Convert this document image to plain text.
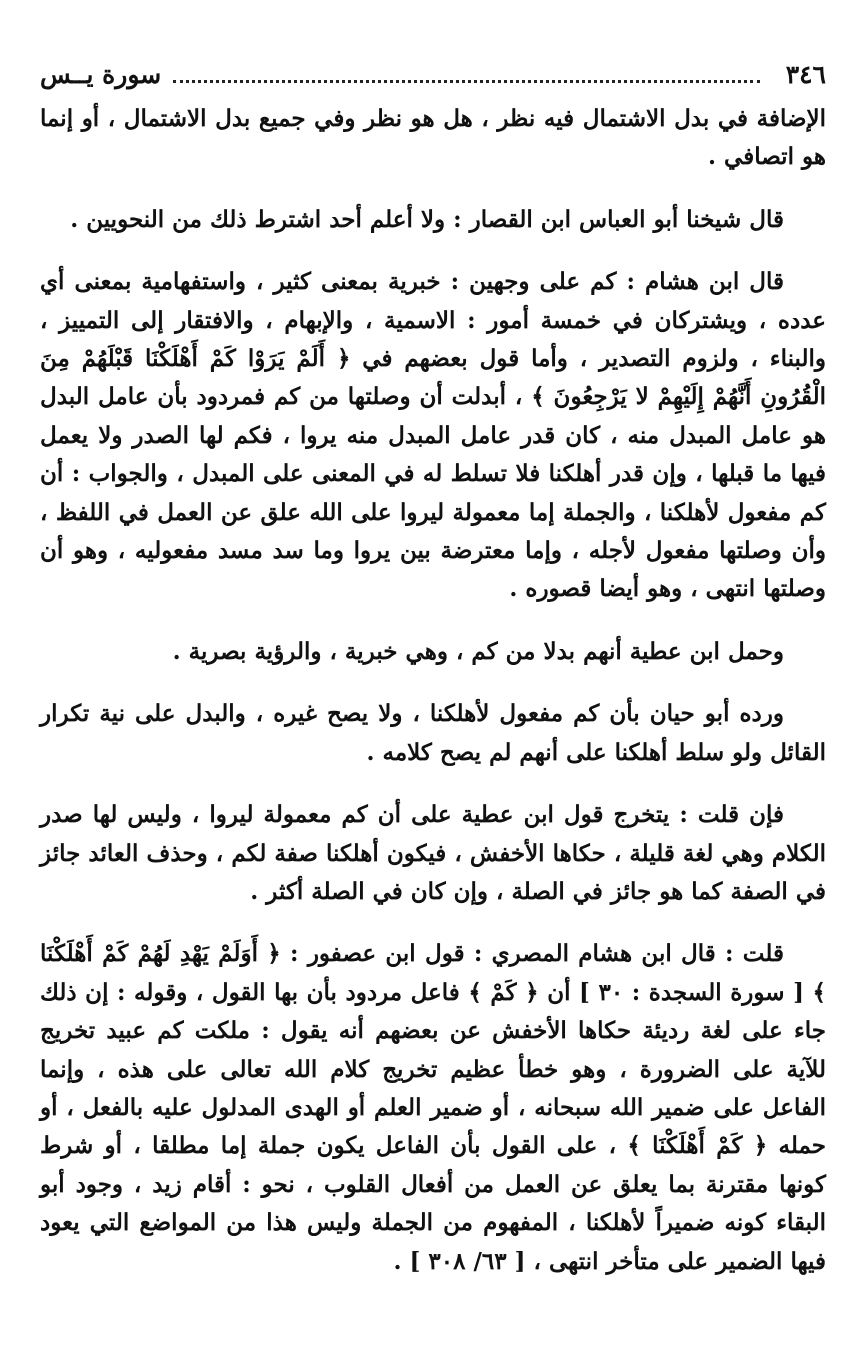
٣٤٦
سورة يــس

الإضافة في بدل الاشتمال فيه نظر ، هل هو نظر وفي جميع بدل الاشتمال ، أو إنما هو اتصافي .

قال شيخنا أبو العباس ابن القصار : ولا أعلم أحد اشترط ذلك من النحويين .

قال ابن هشام : كم على وجهين : خبرية بمعنى كثير ، واستفهامية بمعنى أي عدده ، ويشتركان في خمسة أمور : الاسمية ، والإبهام ، والافتقار إلى التمييز ، والبناء ، ولزوم التصدير ، وأما قول بعضهم في ﴿ أَلَمْ يَرَوْا كَمْ أَهْلَكْنَا قَبْلَهُمْ مِنَ الْقُرُونِ أَنَّهُمْ إِلَيْهِمْ لا يَرْجِعُونَ ﴾ ، أبدلت أن وصلتها من كم فمردود بأن عامل البدل هو عامل المبدل منه ، كان قدر عامل المبدل منه يروا ، فكم لها الصدر ولا يعمل فيها ما قبلها ، وإن قدر أهلكنا فلا تسلط له في المعنى على المبدل ، والجواب : أن كم مفعول لأهلكنا ، والجملة إما معمولة ليروا على الله علق عن العمل في اللفظ ، وأن وصلتها مفعول لأجله ، وإما معترضة بين يروا وما سد مسد مفعوليه ، وهو أن وصلتها انتهى ، وهو أيضا قصوره .

وحمل ابن عطية أنهم بدلا من كم ، وهي خبرية ، والرؤية بصرية .

ورده أبو حيان بأن كم مفعول لأهلكنا ، ولا يصح غيره ، والبدل على نية تكرار القائل ولو سلط أهلكنا على أنهم لم يصح كلامه .

فإن قلت : يتخرج قول ابن عطية على أن كم معمولة ليروا ، وليس لها صدر الكلام وهي لغة قليلة ، حكاها الأخفش ، فيكون أهلكنا صفة لكم ، وحذف العائد جائز في الصفة كما هو جائز في الصلة ، وإن كان في الصلة أكثر .

قلت : قال ابن هشام المصري : قول ابن عصفور : ﴿ أَوَلَمْ يَهْدِ لَهُمْ كَمْ أَهْلَكْنَا ﴾ [ سورة السجدة : ٣٠ ] أن ﴿ كَمْ ﴾ فاعل مردود بأن بها القول ، وقوله : إن ذلك جاء على لغة رديئة حكاها الأخفش عن بعضهم أنه يقول : ملكت كم عبيد تخريج للآية على الضرورة ، وهو خطأ عظيم تخريج كلام الله تعالى على هذه ، وإنما الفاعل على ضمير الله سبحانه ، أو ضمير العلم أو الهدى المدلول عليه بالفعل ، أو حمله ﴿ كَمْ أَهْلَكْنَا ﴾ ، على القول بأن الفاعل يكون جملة إما مطلقا ، أو شرط كونها مقترنة بما يعلق عن العمل من أفعال القلوب ، نحو : أقام زيد ، وجود أبو البقاء كونه ضميراً لأهلكنا ، المفهوم من الجملة وليس هذا من المواضع التي يعود فيها الضمير على متأخر انتهى ، [ ٦٣/ ٣٠٨ ] .
